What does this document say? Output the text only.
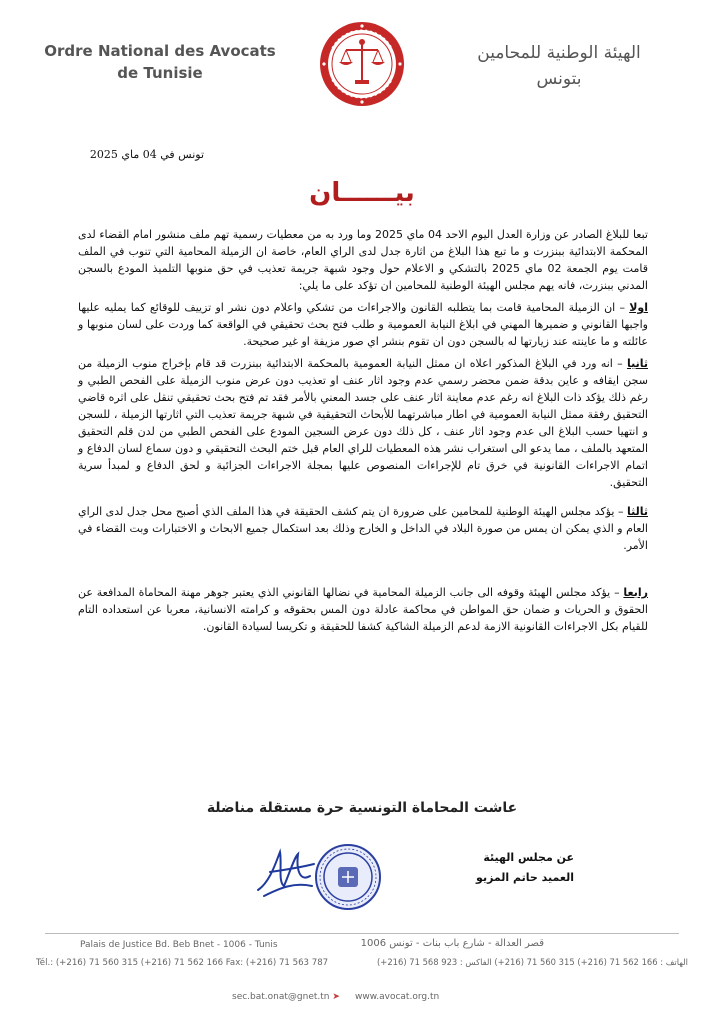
Ordre National des Avocats
de Tunisie
الهيئة الوطنية للمحامين
بتونس
تونس في 04 ماي 2025
بيــــــان

تبعا للبلاغ الصادر عن وزارة العدل اليوم الاحد 04 ماي 2025 وما ورد به من معطيات رسمية تهم ملف منشور امام القضاء لدى المحكمة الابتدائية ببنزرت و ما تبع هذا البلاغ من اثارة جدل لدى الراي العام، خاصة ان الزميلة المحامية التي تنوب في الملف قامت يوم الجمعة 02 ماي 2025 بالتشكي و الاعلام حول وجود شبهة جريمة تعذيب في حق منوبها التلميذ المودع بالسجن المدني ببنزرت، فانه يهم مجلس الهيئة الوطنية للمحامين ان تؤكد على ما يلي:

اولا – ان الزميلة المحامية قامت بما يتطلبه القانون والاجراءات من تشكي واعلام دون نشر او تزييف للوقائع كما يمليه عليها واجبها القانوني و ضميرها المهني في ابلاغ النيابة العمومية و طلب فتح بحث تحقيقي في الواقعة كما وردت على لسان منوبها و عائلته و ما عاينته عند زيارتها له بالسجن دون ان تقوم بنشر اي صور مزيفة او غير صحيحة.

ثانيا – انه ورد في البلاغ المذكور اعلاه ان ممثل النيابة العمومية بالمحكمة الابتدائية ببنزرت قد قام بإخراج منوب الزميلة من سجن ايقافه و عاين بدقة ضمن محضر رسمي عدم وجود اثار عنف او تعذيب دون عرض منوب الزميلة على الفحص الطبي و رغم ذلك يؤكد ذات البلاغ انه رغم عدم معاينة اثار عنف على جسد المعني بالأمر فقد تم فتح بحث تحقيقي تنقل على اثره قاضي التحقيق رفقة ممثل النيابة العمومية في اطار مباشرتهما للأبحاث التحقيقية في شبهة جريمة تعذيب التي اثارتها الزميلة ، للسجن و انتهيا حسب البلاغ الى عدم وجود اثار عنف ، كل ذلك دون عرض السجين المودع على الفحص الطبي من لدن قلم التحقيق المتعهد بالملف ، مما يدعو الى استغراب نشر هذه المعطيات للراي العام قبل ختم البحث التحقيقي و دون سماع لسان الدفاع و اتمام الاجراءات القانونية في خرق تام للإجراءات المنصوص عليها بمجلة الاجراءات الجزائية و لحق الدفاع و لمبدأ سرية التحقيق.

ثالثا – يؤكد مجلس الهيئة الوطنية للمحامين على ضرورة ان يتم كشف الحقيقة في هذا الملف الذي أصبح محل جدل لدى الراي العام و الذي يمكن ان يمس من صورة البلاد في الداخل و الخارج وذلك بعد استكمال جميع الابحاث و الاختبارات وبت القضاء في الأمر.

رابعا – يؤكد مجلس الهيئة وقوفه الى جانب الزميلة المحامية في نضالها القانوني الذي يعتبر جوهر مهنة المحاماة المدافعة عن الحقوق و الحريات و ضمان حق المواطن في محاكمة عادلة دون المس بحقوقه و كرامته الانسانية، معربا عن استعداده التام للقيام بكل الاجراءات القانونية الازمة لدعم الزميلة الشاكية كشفا للحقيقة و تكريسا لسيادة القانون.

عاشت المحاماة التونسية حرة مستقلة مناضلة
عن مجلس الهيئة
العميد حاتم المزيو
Palais de Justice Bd. Beb Bnet - 1006 - Tunis
Tél.: (+216) 71 560 315 (+216) 71 562 166 Fax: (+216) 71 563 787
قصر العدالة - شارع باب بنات - تونس 1006
الهاتف : 166 562 71 (216+) 315 560 71 (216+) الفاكس : 923 568 71 (216+)
sec.bat.onat@gnet.tn ➤ www.avocat.org.tn
